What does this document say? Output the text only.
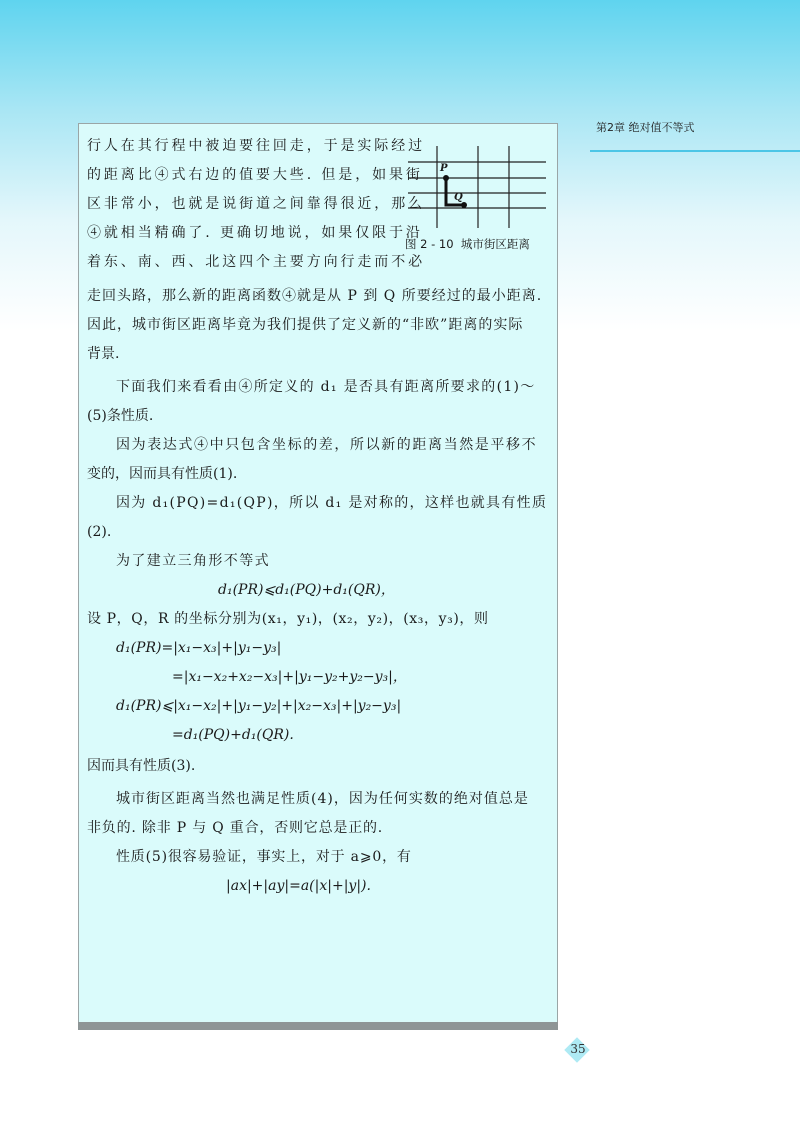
第2章 绝对值不等式
P
Q
图 2 - 10 城市街区距离
行人在其行程中被迫要往回走，于是实际经过
的距离比④式右边的值要大些. 但是，如果街
区非常小，也就是说街道之间靠得很近，那么
④就相当精确了. 更确切地说，如果仅限于沿
着东、南、西、北这四个主要方向行走而不必
走回头路，那么新的距离函数④就是从 P 到 Q 所要经过的最小距离.
因此，城市街区距离毕竟为我们提供了定义新的“非欧”距离的实际
背景.
下面我们来看看由④所定义的 d₁ 是否具有距离所要求的(1)～
(5)条性质.
因为表达式④中只包含坐标的差，所以新的距离当然是平移不
变的，因而具有性质(1).
因为 d₁(PQ)=d₁(QP)，所以 d₁ 是对称的，这样也就具有性质
(2).
为了建立三角形不等式
d₁(PR)⩽d₁(PQ)+d₁(QR)，
设 P，Q，R 的坐标分别为(x₁，y₁)，(x₂，y₂)，(x₃，y₃)，则
d₁(PR)=|x₁−x₃|+|y₁−y₃|
=|x₁−x₂+x₂−x₃|+|y₁−y₂+y₂−y₃|，
d₁(PR)⩽|x₁−x₂|+|y₁−y₂|+|x₂−x₃|+|y₂−y₃|
=d₁(PQ)+d₁(QR).
因而具有性质(3).
城市街区距离当然也满足性质(4)，因为任何实数的绝对值总是
非负的. 除非 P 与 Q 重合，否则它总是正的.
性质(5)很容易验证，事实上，对于 a⩾0，有
|ax|+|ay|=a(|x|+|y|).
35
